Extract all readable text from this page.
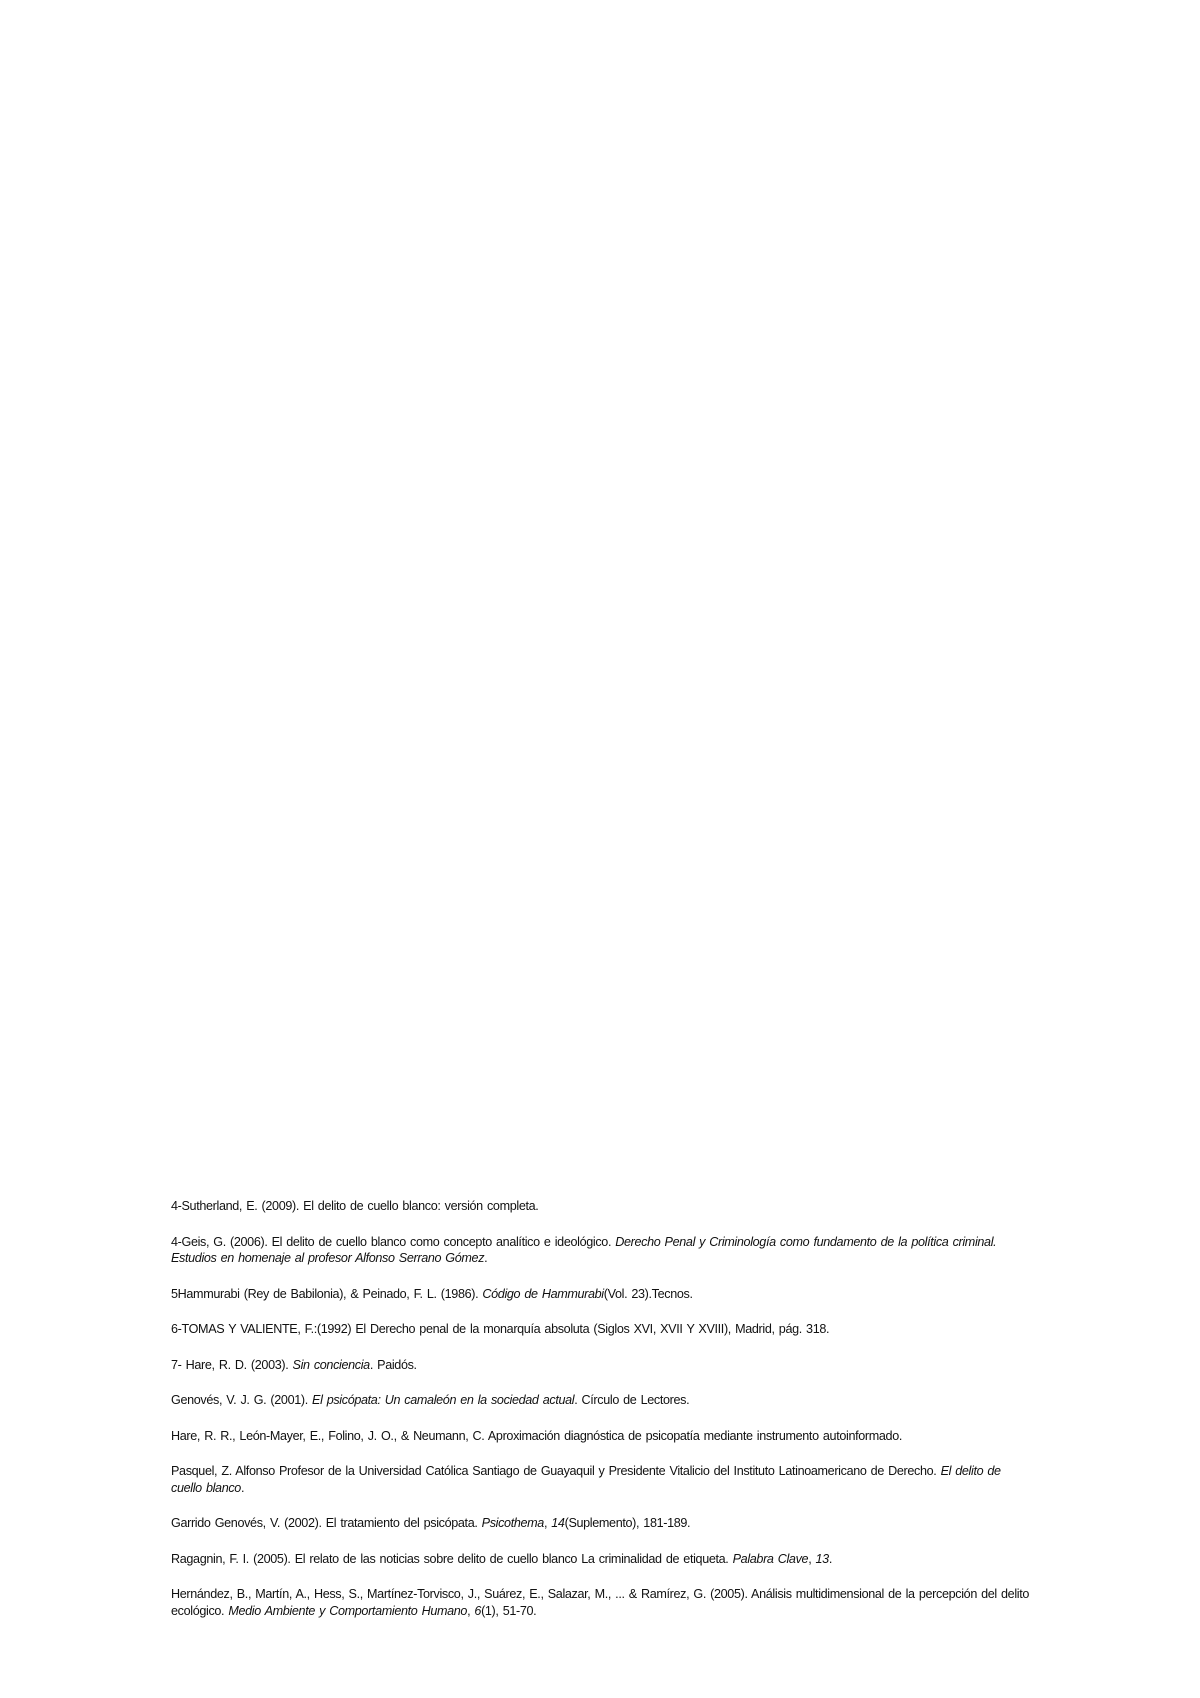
4-Sutherland, E. (2009). El delito de cuello blanco: versión completa.

4-Geis, G. (2006). El delito de cuello blanco como concepto analítico e ideológico. Derecho Penal y Criminología como fundamento de la política criminal. Estudios en homenaje al profesor Alfonso Serrano Gómez.

5Hammurabi (Rey de Babilonia), & Peinado, F. L. (1986). Código de Hammurabi(Vol. 23).Tecnos.

6-TOMAS Y VALIENTE, F.:(1992) El Derecho penal de la monarquía absoluta (Siglos XVI, XVII Y XVIII), Madrid, pág. 318.

7- Hare, R. D. (2003). Sin conciencia. Paidós.

Genovés, V. J. G. (2001). El psicópata: Un camaleón en la sociedad actual. Círculo de Lectores.

Hare, R. R., León-Mayer, E., Folino, J. O., & Neumann, C. Aproximación diagnóstica de psicopatía mediante instrumento autoinformado.

Pasquel, Z. Alfonso Profesor de la Universidad Católica Santiago de Guayaquil y Presidente Vitalicio del Instituto Latinoamericano de Derecho. El delito de cuello blanco.

Garrido Genovés, V. (2002). El tratamiento del psicópata. Psicothema, 14(Suplemento), 181-189.

Ragagnin, F. I. (2005). El relato de las noticias sobre delito de cuello blanco La criminalidad de etiqueta. Palabra Clave, 13.

Hernández, B., Martín, A., Hess, S., Martínez-Torvisco, J., Suárez, E., Salazar, M., ... & Ramírez, G. (2005). Análisis multidimensional de la percepción del delito ecológico. Medio Ambiente y Comportamiento Humano, 6(1), 51-70.
